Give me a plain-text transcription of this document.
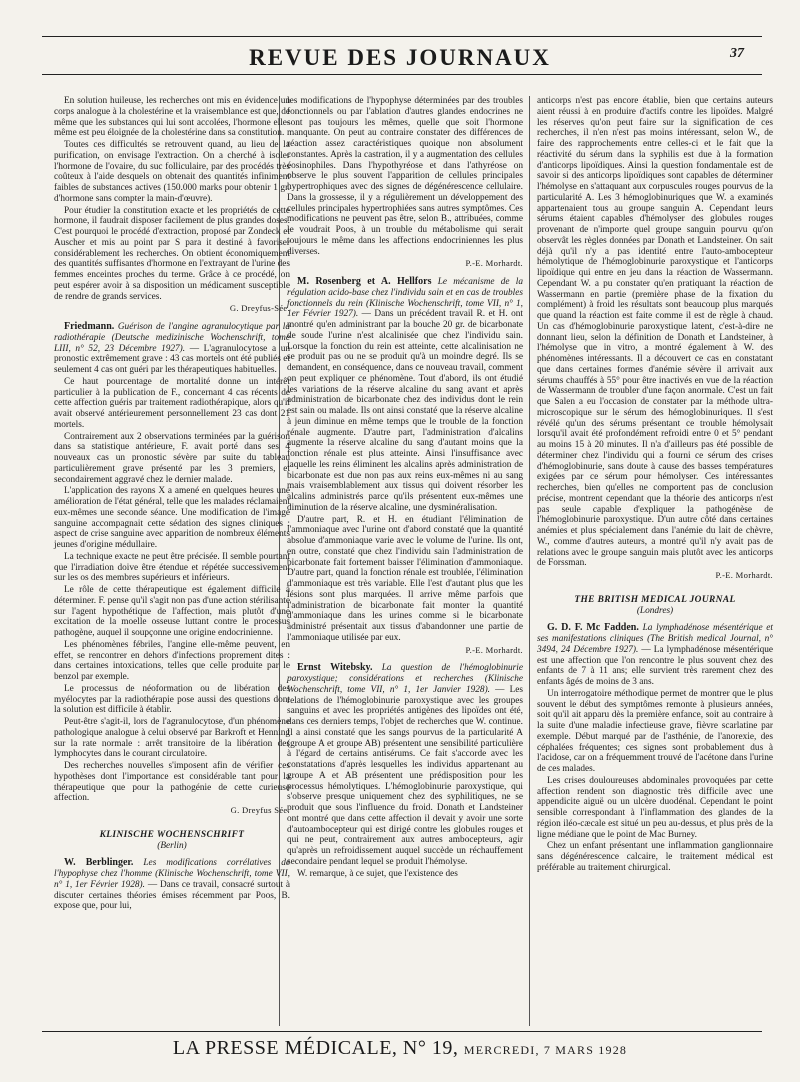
REVUE DES JOURNAUX	37

En solution huileuse, les recherches ont mis en évidence un corps analogue à la cholestérine et la vraisemblance est que, de même que les substances qui lui sont accolées, l'hormone elle-même est peu éloignée de la cholestérine dans sa constitution.

Toutes ces difficultés se retrouvent quand, au lieu de la purification, on envisage l'extraction. On a cherché à isoler l'hormone de l'ovaire, du suc folliculaire, par des procédés très coûteux à l'aide desquels on obtenait des quantités infiniment faibles de substances actives (150.000 marks pour obtenir 1 gr. d'hormone sans compter la main-d'œuvre).

Pour étudier la constitution exacte et les propriétés de cette hormone, il faudrait disposer facilement de plus grandes doses. C'est pourquoi le procédé d'extraction, proposé par Zondeck et Auscher et mis au point par S para it destiné à favoriser considérablement les recherches. On obtient économiquement des quantités suffisantes d'hormone en l'extrayant de l'urine des femmes enceintes proches du terme. Grâce à ce procédé, on peut espérer avoir à sa disposition un médicament susceptible de rendre de grands services.

G. Dreyfus-Sée.

Friedmann. Guérison de l'angine agranulocytique par la radiothérapie (Deutsche medizinische Wochenschrift, tome LIII, n° 52, 23 Décembre 1927). — L'agranulocytose a un pronostic extrêmement grave : 43 cas mortels ont été publiés et seulement 4 cas ont guéri par les thérapeutiques habituelles.

Ce haut pourcentage de mortalité donne un intérêt particulier à la publication de F., concernant 4 cas récents de cette affection guéris par traitement radiothérapique, alors qu'il avait observé antérieurement personnellement 23 cas dont 21 mortels.

Contrairement aux 2 observations terminées par la guérison dans sa statistique antérieure, F. avait porté dans ses 4 nouveaux cas un pronostic sévère par suite du tableau particulièrement grave présenté par les 3 premiers, et secondairement aggravé chez le dernier malade.

L'application des rayons X a amené en quelques heures une amélioration de l'état général, telle que les malades réclamaient eux-mêmes une seconde séance. Une modification de l'image sanguine accompagnait cette sédation des signes cliniques : aspect de crise sanguine avec apparition de nombreux éléments jeunes d'origine médullaire.

La technique exacte ne peut être précisée. Il semble pourtant que l'irradiation doive être étendue et répétée successivement sur les os des membres supérieurs et inférieurs.

Le rôle de cette thérapeutique est également difficile à déterminer. F. pense qu'il s'agit non pas d'une action stérilisante sur l'agent hypothétique de l'affection, mais plutôt d'une excitation de la moelle osseuse luttant contre le processus pathogène, auquel il soupçonne une origine endocrinienne.

Les phénomènes fébriles, l'angine elle-même peuvent, en effet, se rencontrer en dehors d'infections proprement dites : dans certaines intoxications, telles que celle produite par le benzol par exemple.

Le processus de néoformation ou de libération des myélocytes par la radiothérapie pose aussi des questions dont la solution est difficile à établir.

Peut-être s'agit-il, lors de l'agranulocytose, d'un phénomène pathologique analogue à celui observé par Barkroft et Henning sur la rate normale : arrêt transitoire de la libération des lymphocytes dans le courant circulatoire.

Des recherches nouvelles s'imposent afin de vérifier ces hypothèses dont l'importance est considérable tant pour la thérapeutique que pour la pathogénie de cette curieuse affection.

G. Dreyfus Sée.
KLINISCHE WOCHENSCHRIFT
(Berlin)

W. Berblinger. Les modifications corrélatives de l'hypophyse chez l'homme (Klinische Wochenschrift, tome VII, n° 1, 1er Février 1928). — Dans ce travail, consacré surtout à discuter certaines théories émises récemment par Poos, B. expose que, pour lui,

les modifications de l'hypophyse déterminées par des troubles fonctionnels ou par l'ablation d'autres glandes endocrines ne sont pas toujours les mêmes, quelle que soit l'hormone manquante. On peut au contraire constater des différences de réaction assez caractéristiques quoique non absolument constantes. Après la castration, il y a augmentation des cellules éosinophiles. Dans l'hypothyréose et dans l'athyréose on observe le plus souvent l'apparition de cellules principales hypertrophiques avec des signes de dégénérescence cellulaire. Dans la grossesse, il y a régulièrement un développement des cellules principales hypertrophiées sans autres symptômes. Ces modifications ne peuvent pas être, selon B., attribuées, comme le voudrait Poos, à un trouble du métabolisme qui serait toujours le même dans les affections endocriniennes les plus diverses.

P.-E. Morhardt.

M. Rosenberg et A. Hellfors Le mécanisme de la régulation acido-base chez l'individu sain et en cas de troubles fonctionnels du rein (Klinische Wochenschrift, tome VII, n° 1, 1er Février 1927). — Dans un précédent travail R. et H. ont montré qu'en administrant par la bouche 20 gr. de bicarbonate de soude l'urine n'est alcalinisée que chez l'individu sain. Lorsque la fonction du rein est atteinte, cette alcalinisation ne se produit pas ou ne se produit qu'à un moindre degré. Ils se demandent, en conséquence, dans ce nouveau travail, comment on peut expliquer ce phénomène. Tout d'abord, ils ont étudié les variations de la réserve alcaline du sang avant et après administration de bicarbonate chez des individus dont le rein est sain ou malade. Ils ont ainsi constaté que la réserve alcaline à jeun diminue en même temps que le trouble de la fonction rénale augmente. D'autre part, l'administration d'alcalins augmente la réserve alcaline du sang d'autant moins que la fonction rénale est plus atteinte. Ainsi l'insuffisance avec laquelle les reins éliminent les alcalins après administration de bicarbonate est due non pas aux reins eux-mêmes ni au sang mais vraisemblablement aux tissus qui doivent résorber les alcalins administrés parce qu'ils présentent eux-mêmes une diminution de la réserve alcaline, une dysminéralisation.

D'autre part, R. et H. en étudiant l'élimination de l'ammoniaque avec l'urine ont d'abord constaté que la quantité absolue d'ammoniaque varie avec le volume de l'urine. Ils ont, en outre, constaté que chez l'individu sain l'administration de bicarbonate fait fortement baisser l'élimination d'ammoniaque. D'autre part, quand la fonction rénale est troublée, l'élimination d'ammoniaque est très variable. Elle l'est d'autant plus que les lésions sont plus marquées. Il arrive même parfois que l'administration de bicarbonate fait monter la quantité d'ammoniaque dans les urines comme si le bicarbonate administré présentait aux tissus d'abandonner une partie de l'ammoniaque utilisée par eux.

P.-E. Morhardt.

Ernst Witebsky. La question de l'hémoglobinurie paroxystique; considérations et recherches (Klinische Wochenschrift, tome VII, n° 1, 1er Janvier 1928). — Les relations de l'hémoglobinurie paroxystique avec les groupes sanguins et avec les propriétés antigènes des lipoïdes ont été, dans ces derniers temps, l'objet de recherches que W. continue. Il a ainsi constaté que les sangs pourvus de la particularité A (groupe A et groupe AB) présentent une sensibilité particulière à l'égard de certains antisérums. Ce fait s'accorde avec les constatations d'après lesquelles les individus appartenant au groupe A et AB présentent une prédisposition pour les processus hémolytiques. L'hémoglobinurie paroxystique, qui s'observe presque uniquement chez des syphilitiques, ne se produit que sous l'influence du froid. Donath et Landsteiner ont montré que dans cette affection il devait y avoir une sorte d'autoambocepteur qui est dirigé contre les globules rouges et qui ne peut, contrairement aux autres ambocepteurs, agir qu'après un refroidissement auquel succède un réchauffement secondaire pendant lequel se produit l'hémolyse.

W. remarque, à ce sujet, que l'existence des

anticorps n'est pas encore établie, bien que certains auteurs aient réussi à en produire d'actifs contre les lipoïdes. Malgré les réserves qu'on peut faire sur la signification de ces recherches, il n'en n'est pas moins intéressant, selon W., de faire des rapprochements entre celles-ci et le fait que la réactivité du sérum dans la syphilis est due à la formation d'anticorps lipoïdiques. Ainsi la question fondamentale est de savoir si des anticorps lipoïdiques sont capables de déterminer l'hémolyse en s'attaquant aux corpuscules rouges pourvus de la particularité A. Les 3 hémoglobinuriques que W. a examinés appartenaient tous au groupe sanguin A. Cependant leurs sérums étaient capables d'hémolyser des globules rouges provenant de n'importe quel groupe sanguin pourvu qu'on observât les règles données par Donath et Landsteiner. On sait déjà qu'il n'y a pas identité entre l'auto-ambocepteur hémolytique de l'hémoglobinurie paroxystique et l'anticorps lipoïdique qui entre en jeu dans la réaction de Wassermann. Cependant W. a pu constater qu'en pratiquant la réaction de Wassermann en partie (première phase de la fixation du complément) à froid les résultats sont beaucoup plus marqués que quand la réaction est faite comme il est de règle à chaud. Un cas d'hémoglobinurie paroxystique latent, c'est-à-dire ne donnant lieu, selon la définition de Donath et Landsteiner, à l'hémolyse que in vitro, a montré également à W. des phénomènes intéressants. Il a découvert ce cas en constatant que dans certaines formes d'anémie sévère il arrivait aux sérums chauffés à 55° pour être inactivés en vue de la réaction de Wassermann de troubler d'une façon anormale. C'est un fait que Salen a eu l'occasion de constater par la méthode ultra-microscopique sur le sérum des hémoglobinuriques. Il s'est révélé qu'un des sérums présentant ce trouble hémolysait lorsqu'il avait été profondément refroidi entre 0 et 5° pendant au moins 15 à 20 minutes. Il n'a d'ailleurs pas été possible de déterminer chez l'individu qui a fourni ce sérum des crises d'hémoglobinurie, sans doute à cause des basses températures exigées par ce sérum pour hémolyser. Ces intéressantes recherches, bien qu'elles ne comportent pas de conclusion précise, montrent cependant que la théorie des anticorps n'est pas seule capable d'expliquer la pathogénèse de l'hémoglobinurie paroxystique. D'un autre côté dans certaines anémies et plus spécialement dans l'anémie du lait de chèvre, W., comme d'autres auteurs, a montré qu'il n'y avait pas de relations avec le groupe sanguin mais plutôt avec les anticorps de Forssman.

P.-E. Morhardt.
THE BRITISH MEDICAL JOURNAL
(Londres)

G. D. F. Mc Fadden. La lymphadénose mésentérique et ses manifestations cliniques (The British medical Journal, n° 3494, 24 Décembre 1927). — La lymphadénose mésentérique est une affection que l'on rencontre le plus souvent chez des enfants de 7 à 11 ans; elle survient très rarement chez des enfants âgés de moins de 3 ans.

Un interrogatoire méthodique permet de montrer que le plus souvent le début des symptômes remonte à plusieurs années, soit qu'il ait apparu dès la première enfance, soit au contraire à la suite d'une maladie infectieuse grave, fièvre scarlatine par exemple. Début marqué par de l'asthénie, de l'anorexie, des céphalées fréquentes; ces signes sont probablement dus à l'acidose, car on a fréquemment trouvé de l'acétone dans l'urine de ces malades.

Les crises douloureuses abdominales provoquées par cette affection rendent son diagnostic très difficile avec une appendicite aiguë ou un ulcère duodénal. Cependant le point sensible correspondant à l'inflammation des glandes de la région iléo-cæcale est situé un peu au-dessus, et plus près de la ligne médiane que le point de Mac Burney.

Chez un enfant présentant une inflammation ganglionnaire sans dégénérescence calcaire, le traitement médical est préférable au traitement chirurgical.

LA PRESSE MÉDICALE, N° 19, MERCREDI, 7 MARS 1928
